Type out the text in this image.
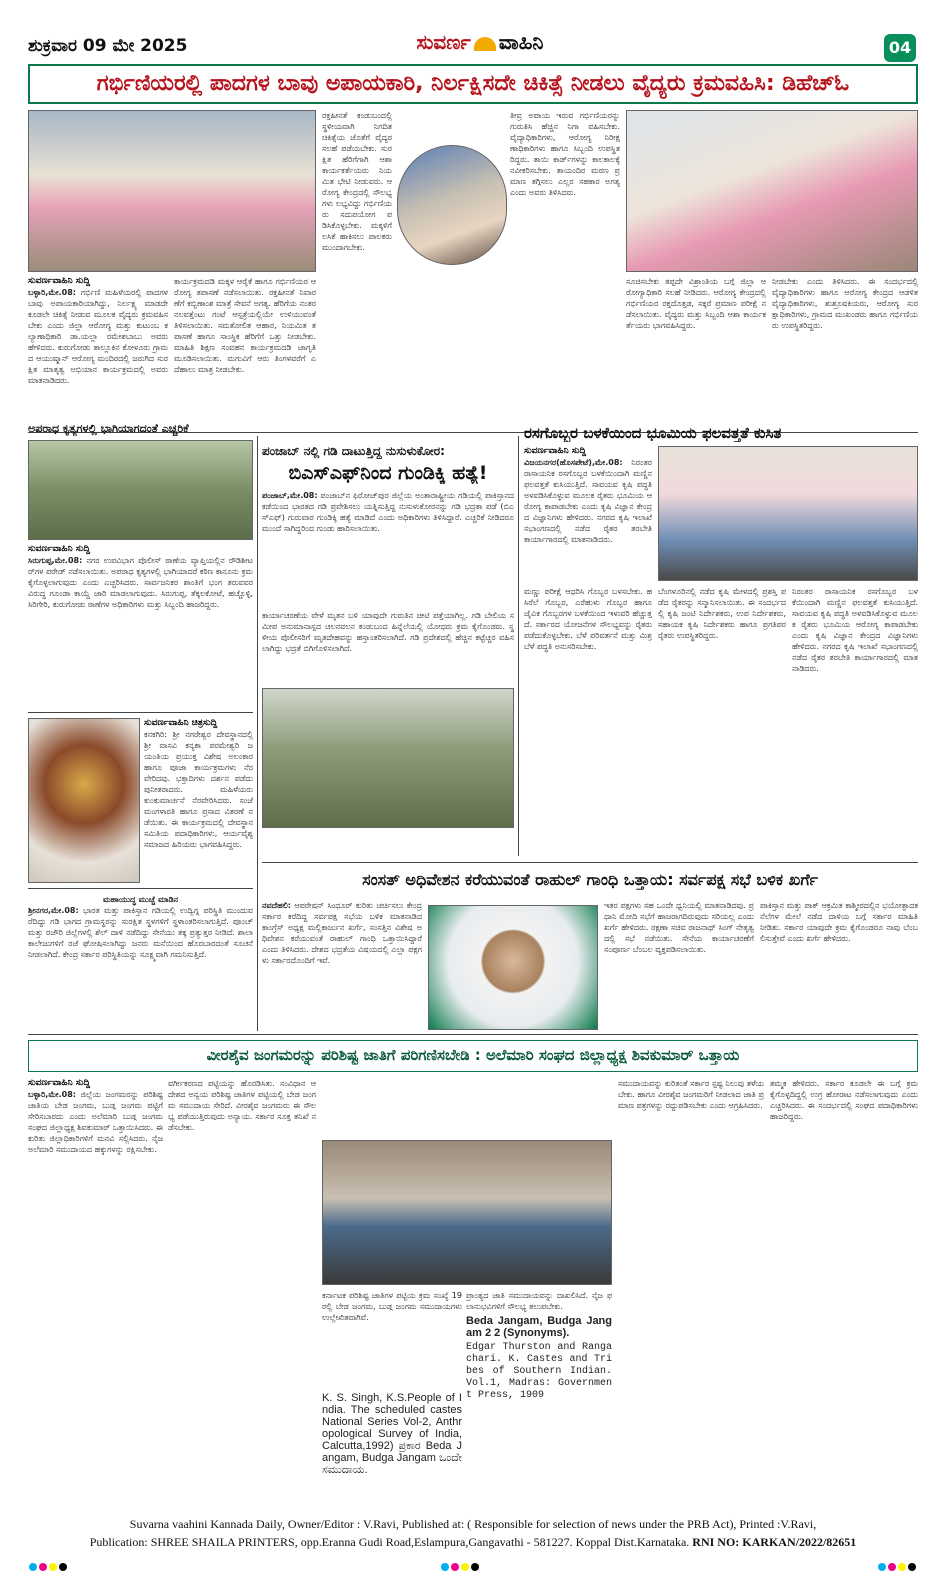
ಶುಕ್ರವಾರ 09 ಮೇ 2025	ಸುವರ್ಣ ವಾಹಿನಿ	04
ಗರ್ಭಿಣಿಯರಲ್ಲಿ ಪಾದಗಳ ಬಾವು ಅಪಾಯಕಾರಿ, ನಿರ್ಲಕ್ಷಿಸದೇ ಚಿಕಿತ್ಸೆ ನೀಡಲು ವೈದ್ಯರು ಕ್ರಮವಹಿಸಿ: ಡಿಹೆಚ್‌ಓ
ಸುವರ್ಣವಾಹಿನಿ ಸುದ್ದಿ
ಬಳ್ಳಾರಿ,ಮೇ.08: ಗರ್ಭಿಣಿ ಮಹಿಳೆಯರಲ್ಲಿ ಪಾದಗಳ ಬಾವು ಅಪಾಯಕಾರಿಯಾಗಿದ್ದು, ನಿರ್ಲಕ್ಷ್ಯ ಮಾಡದೇ ಕೂಡಲೇ ಚಿಕಿತ್ಸೆ ನೀಡುವ ಮೂಲಕ ವೈದ್ಯರು ಕ್ರಮವಹಿಸಬೇಕು ಎಂದು ಜಿಲ್ಲಾ ಆರೋಗ್ಯ ಮತ್ತು ಕುಟುಂಬ ಕಲ್ಯಾಣಾಧಿಕಾರಿ ಡಾ.ಯಲ್ಲಾ ರಮೇಶಬಾಬು ಅವರು ಹೇಳಿದರು. ಕುರುಗೋಡು ತಾಲ್ಲೂಕಿನ ಕೋಳೂರು ಗ್ರಾಮದ ಆಯುಷ್ಮಾನ್ ಆರೋಗ್ಯ ಮಂದಿರದಲ್ಲಿ ಜರುಗಿದ ಸುರಕ್ಷಿತ ಮಾತೃತ್ವ ಅಭಿಯಾನ ಕಾರ್ಯಕ್ರಮದಲ್ಲಿ ಅವರು ಮಾತನಾಡಿದರು.
ಕಾರ್ಯಕ್ರಮದಡಿ ಮಕ್ಕಳ ಆರೈಕೆ ಹಾಗೂ ಗರ್ಭಿಣಿಯರ ಆರೋಗ್ಯ ತಪಾಸಣೆ ನಡೆಸಲಾಯಿತು. ರಕ್ತಹೀನತೆ ನಿವಾರಣೆಗೆ ಕಬ್ಬಿಣಾಂಶ ಮಾತ್ರೆ ಸೇವನೆ ಅಗತ್ಯ. ಹೆರಿಗೆಯ ನಂತರ ನಲವತ್ತೆಂಟು ಗಂಟೆ ಆಸ್ಪತ್ರೆಯಲ್ಲಿಯೇ ಉಳಿಯುವಂತೆ ತಿಳಿಸಲಾಯಿತು. ಸಮತೋಲಿತ ಆಹಾರ, ನಿಯಮಿತ ತಪಾಸಣೆ ಹಾಗೂ ಸಾಂಸ್ಥಿಕ ಹೆರಿಗೆಗೆ ಒತ್ತು ನೀಡಬೇಕು. ಮಾಹಿತಿ ಶಿಕ್ಷಣ ಸಂವಹನ ಕಾರ್ಯಕ್ರಮದಡಿ ಜಾಗೃತಿ ಮೂಡಿಸಲಾಯಿತು. ಮಗುವಿಗೆ ಆರು ತಿಂಗಳವರೆಗೆ ಎದೆಹಾಲು ಮಾತ್ರ ನೀಡಬೇಕು.
ರಕ್ತಹೀನತೆ ಕಂಡುಬಂದಲ್ಲಿ ಸ್ಥಳೀಯವಾಗಿ ನಿಗದಿತ ಚಿಕಿತ್ಸೆಯ ಜೊತೆಗೆ ವೈದ್ಯರ ಸಲಹೆ ಪಡೆಯಬೇಕು. ಸುರಕ್ಷಿತ ಹೆರಿಗೆಗಾಗಿ ಆಶಾ ಕಾರ್ಯಕರ್ತೆಯರು ನಿಯಮಿತ ಭೇಟಿ ನೀಡುವರು. ಆರೋಗ್ಯ ಕೇಂದ್ರದಲ್ಲಿ ಸೌಲಭ್ಯಗಳು ಲಭ್ಯವಿದ್ದು ಗರ್ಭಿಣಿಯರು ಸದುಪಯೋಗ ಪಡಿಸಿಕೊಳ್ಳಬೇಕು. ಮಕ್ಕಳಿಗೆ ಲಸಿಕೆ ಹಾಕಿಸಲು ಪಾಲಕರು ಮುಂದಾಗಬೇಕು.
ತೀವ್ರ ಅಪಾಯ ಇರುವ ಗರ್ಭಿಣಿಯರನ್ನು ಗುರುತಿಸಿ ಹೆಚ್ಚಿನ ನಿಗಾ ವಹಿಸಬೇಕು. ವೈದ್ಯಾಧಿಕಾರಿಗಳು, ಆರೋಗ್ಯ ನಿರೀಕ್ಷಣಾಧಿಕಾರಿಗಳು ಹಾಗೂ ಸಿಬ್ಬಂದಿ ಉಪಸ್ಥಿತರಿದ್ದರು. ತಾಯಿ ಕಾರ್ಡ್‌ಗಳನ್ನು ಕಾಲಕಾಲಕ್ಕೆ ನವೀಕರಿಸಬೇಕು. ತಾಯಂದಿರ ಮರಣ ಪ್ರಮಾಣ ತಗ್ಗಿಸಲು ಎಲ್ಲರ ಸಹಕಾರ ಅಗತ್ಯ ಎಂದು ಅವರು ತಿಳಿಸಿದರು.
ಸೂಚಿಸಬೇಕು ತಪ್ಪದೇ ವಿಶ್ರಾಂತಿಯ ಬಗ್ಗೆ ಜಿಲ್ಲಾ ಆರೋಗ್ಯಾಧಿಕಾರಿ ಸಲಹೆ ನೀಡಿದರು. ಆರೋಗ್ಯ ಕೇಂದ್ರದಲ್ಲಿ ಗರ್ಭಿಣಿಯರ ರಕ್ತದೊತ್ತಡ, ಸಕ್ಕರೆ ಪ್ರಮಾಣ ಪರೀಕ್ಷೆ ನಡೆಸಲಾಯಿತು. ವೈದ್ಯರು ಮತ್ತು ಸಿಬ್ಬಂದಿ ಆಶಾ ಕಾರ್ಯಕರ್ತೆಯರು ಭಾಗವಹಿಸಿದ್ದರು.
ನೀಡಬೇಕು ಎಂದು ತಿಳಿಸಿದರು. ಈ ಸಂದರ್ಭದಲ್ಲಿ ವೈದ್ಯಾಧಿಕಾರಿಗಳು ಹಾಗೂ ಆರೋಗ್ಯ ಕೇಂದ್ರದ ಆಡಳಿತ ವೈದ್ಯಾಧಿಕಾರಿಗಳು, ಶುಶ್ರೂಷಕಿಯರು, ಆರೋಗ್ಯ ಸುರಕ್ಷಾಧಿಕಾರಿಗಳು, ಗ್ರಾಮದ ಮುಖಂಡರು ಹಾಗೂ ಗರ್ಭಿಣಿಯರು ಉಪಸ್ಥಿತರಿದ್ದರು.
ಅಪರಾಧ ಕೃತ್ಯಗಳಲ್ಲಿ ಭಾಗಿಯಾಗದಂತೆ ಎಚ್ಚರಿಕೆ
ಸುವರ್ಣವಾಹಿನಿ ಸುದ್ದಿ
ಸಿರುಗುಪ್ಪ,ಮೇ.08: ನಗರ ಉಪವಿಭಾಗ ಪೊಲೀಸ್ ಠಾಣೆಯ ವ್ಯಾಪ್ತಿಯಲ್ಲಿನ ರೌಡಿಶೀಟರ್‌ಗಳ ಪರೇಡ್ ನಡೆಸಲಾಯಿತು. ಅಪರಾಧ ಕೃತ್ಯಗಳಲ್ಲಿ ಭಾಗಿಯಾದರೆ ಕಠಿಣ ಕಾನೂನು ಕ್ರಮ ಕೈಗೊಳ್ಳಲಾಗುವುದು ಎಂದು ಎಚ್ಚರಿಸಿದರು. ಸಾರ್ವಜನಿಕರ ಶಾಂತಿಗೆ ಭಂಗ ತರುವವರ ವಿರುದ್ಧ ಗೂಂಡಾ ಕಾಯ್ದೆ ಜಾರಿ ಮಾಡಲಾಗುವುದು. ಸಿರುಗುಪ್ಪ, ತೆಕ್ಕಲಕೋಟೆ, ಹಚ್ಚೊಳ್ಳಿ, ಸಿರಿಗೇರಿ, ಕುರುಗೋಡು ಠಾಣೆಗಳ ಅಧಿಕಾರಿಗಳು ಮತ್ತು ಸಿಬ್ಬಂದಿ ಹಾಜರಿದ್ದರು.
ಸುವರ್ಣವಾಹಿನಿ ಚಿತ್ರಸುದ್ದಿ
ಕನಕಗಿರಿ: ಶ್ರೀ ನಗರೇಶ್ವರ ದೇವಸ್ಥಾನದಲ್ಲಿ ಶ್ರೀ ವಾಸವಿ ಕನ್ಯಕಾ ಪರಮೇಶ್ವರಿ ಜಯಂತಿಯ ಪ್ರಯುಕ್ತ ವಿಶೇಷ ಅಲಂಕಾರ ಹಾಗೂ ಪೂಜಾ ಕಾರ್ಯಕ್ರಮಗಳು ನೆರವೇರಿದವು. ಭಕ್ತಾದಿಗಳು ದರ್ಶನ ಪಡೆದು ಪುನೀತರಾದರು. ಮಹಿಳೆಯರು ಕುಂಕುಮಾರ್ಚನೆ ನೆರವೇರಿಸಿದರು. ಸಂಜೆ ಮಂಗಳಾರತಿ ಹಾಗೂ ಪ್ರಸಾದ ವಿತರಣೆ ನಡೆಯಿತು. ಈ ಕಾರ್ಯಕ್ರಮದಲ್ಲಿ ದೇವಸ್ಥಾನ ಸಮಿತಿಯ ಪದಾಧಿಕಾರಿಗಳು, ಆರ್ಯವೈಶ್ಯ ಸಮಾಜದ ಹಿರಿಯರು ಭಾಗವಹಿಸಿದ್ದರು.
ಮಹಾಯುದ್ಧ ಮುಚ್ಚೆ ಮಾಡಿನ
ಶ್ರೀನಗರ,ಮೇ.08: ಭಾರತ ಮತ್ತು ಪಾಕಿಸ್ತಾನ ಗಡಿಯಲ್ಲಿ ಉದ್ವಿಗ್ನ ಪರಿಸ್ಥಿತಿ ಮುಂದುವರೆದಿದ್ದು ಗಡಿ ಭಾಗದ ಗ್ರಾಮಸ್ಥರನ್ನು ಸುರಕ್ಷಿತ ಸ್ಥಳಗಳಿಗೆ ಸ್ಥಳಾಂತರಿಸಲಾಗುತ್ತಿದೆ. ಪೂಂಚ್ ಮತ್ತು ರಜೌರಿ ಜಿಲ್ಲೆಗಳಲ್ಲಿ ಶೆಲ್ ದಾಳಿ ನಡೆದಿದ್ದು ಸೇನೆಯು ತಕ್ಕ ಪ್ರತ್ಯುತ್ತರ ನೀಡಿದೆ. ಶಾಲಾ ಕಾಲೇಜುಗಳಿಗೆ ರಜೆ ಘೋಷಿಸಲಾಗಿದ್ದು ಜನರು ಮನೆಯಿಂದ ಹೊರಬಾರದಂತೆ ಸೂಚನೆ ನೀಡಲಾಗಿದೆ. ಕೇಂದ್ರ ಸರ್ಕಾರ ಪರಿಸ್ಥಿತಿಯನ್ನು ಸೂಕ್ಷ್ಮವಾಗಿ ಗಮನಿಸುತ್ತಿದೆ.
ಪಂಜಾಬ್ ನಲ್ಲಿ ಗಡಿ ದಾಟುತ್ತಿದ್ದ ನುಸುಳುಕೋರ:
ಬಿಎಸ್‌ಎಫ್‌ನಿಂದ ಗುಂಡಿಕ್ಕಿ ಹತ್ಯೆ!
ಪಂಜಾಬ್,ಮೇ.08: ಪಂಜಾಬ್‌ನ ಫಿರೋಜ್‌ಪುರ ಜಿಲ್ಲೆಯ ಅಂತಾರಾಷ್ಟ್ರೀಯ ಗಡಿಯಲ್ಲಿ ಪಾಕಿಸ್ತಾನದ ಕಡೆಯಿಂದ ಭಾರತದ ಗಡಿ ಪ್ರವೇಶಿಸಲು ಯತ್ನಿಸುತ್ತಿದ್ದ ನುಸುಳುಕೋರನನ್ನು ಗಡಿ ಭದ್ರತಾ ಪಡೆ (ಬಿಎಸ್‌ಎಫ್) ಗುರುವಾರ ಗುಂಡಿಕ್ಕಿ ಹತ್ಯೆ ಮಾಡಿದೆ ಎಂದು ಅಧಿಕಾರಿಗಳು ತಿಳಿಸಿದ್ದಾರೆ. ಎಚ್ಚರಿಕೆ ನೀಡಿದರೂ ಮುಂದೆ ಸಾಗಿದ್ದರಿಂದ ಗುಂಡು ಹಾರಿಸಲಾಯಿತು.
ಕಾರ್ಯಾಚರಣೆಯ ವೇಳೆ ಮೃತನ ಬಳಿ ಯಾವುದೇ ಗುರುತಿನ ಚೀಟಿ ಪತ್ತೆಯಾಗಿಲ್ಲ. ಗಡಿ ಬೇಲಿಯ ಸಮೀಪ ಅನುಮಾನಾಸ್ಪದ ಚಲನವಲನ ಕಂಡುಬಂದ ಹಿನ್ನೆಲೆಯಲ್ಲಿ ಯೋಧರು ಕ್ರಮ ಕೈಗೊಂಡರು. ಸ್ಥಳೀಯ ಪೊಲೀಸರಿಗೆ ಮೃತದೇಹವನ್ನು ಹಸ್ತಾಂತರಿಸಲಾಗಿದೆ. ಗಡಿ ಪ್ರದೇಶದಲ್ಲಿ ಹೆಚ್ಚಿನ ಕಟ್ಟೆಚ್ಚರ ವಹಿಸಲಾಗಿದ್ದು ಭದ್ರತೆ ಬಿಗಿಗೊಳಿಸಲಾಗಿದೆ.
ರಸಗೊಬ್ಬರ ಬಳಕೆಯಿಂದ ಭೂಮಿಯ ಫಲವತ್ತತೆ ಕುಸಿತ
ಸುವರ್ಣವಾಹಿನಿ ಸುದ್ದಿ
ವಿಜಯನಗರ(ಹೊಸಪೇಟೆ),ಮೇ.08: ನಿರಂತರ ರಾಸಾಯನಿಕ ರಸಗೊಬ್ಬರ ಬಳಕೆಯಿಂದಾಗಿ ಮಣ್ಣಿನ ಫಲವತ್ತತೆ ಕುಸಿಯುತ್ತಿದೆ. ಸಾವಯವ ಕೃಷಿ ಪದ್ಧತಿ ಅಳವಡಿಸಿಕೊಳ್ಳುವ ಮೂಲಕ ರೈತರು ಭೂಮಿಯ ಆರೋಗ್ಯ ಕಾಪಾಡಬೇಕು ಎಂದು ಕೃಷಿ ವಿಜ್ಞಾನ ಕೇಂದ್ರದ ವಿಜ್ಞಾನಿಗಳು ಹೇಳಿದರು. ನಗರದ ಕೃಷಿ ಇಲಾಖೆ ಸಭಾಂಗಣದಲ್ಲಿ ನಡೆದ ರೈತರ ತರಬೇತಿ ಕಾರ್ಯಾಗಾರದಲ್ಲಿ ಮಾತನಾಡಿದರು.
ಮಣ್ಣು ಪರೀಕ್ಷೆ ಆಧರಿಸಿ ಗೊಬ್ಬರ ಬಳಸಬೇಕು. ಹಸಿರೆಲೆ ಗೊಬ್ಬರ, ಎರೆಹುಳು ಗೊಬ್ಬರ ಹಾಗೂ ಜೈವಿಕ ಗೊಬ್ಬರಗಳ ಬಳಕೆಯಿಂದ ಇಳುವರಿ ಹೆಚ್ಚುತ್ತದೆ. ಸರ್ಕಾರದ ಯೋಜನೆಗಳ ಸೌಲಭ್ಯವನ್ನು ರೈತರು ಪಡೆದುಕೊಳ್ಳಬೇಕು. ಬೆಳೆ ಪರಿವರ್ತನೆ ಮತ್ತು ಮಿಶ್ರ ಬೆಳೆ ಪದ್ಧತಿ ಅನುಸರಿಸಬೇಕು.
ಬೆಂಗಳೂರಿನಲ್ಲಿ ನಡೆದ ಕೃಷಿ ಮೇಳದಲ್ಲಿ ಪ್ರಶಸ್ತಿ ಪಡೆದ ರೈತರನ್ನು ಸನ್ಮಾನಿಸಲಾಯಿತು. ಈ ಸಂದರ್ಭದಲ್ಲಿ ಕೃಷಿ ಜಂಟಿ ನಿರ್ದೇಶಕರು, ಉಪ ನಿರ್ದೇಶಕರು, ಸಹಾಯಕ ಕೃಷಿ ನಿರ್ದೇಶಕರು ಹಾಗೂ ಪ್ರಗತಿಪರ ರೈತರು ಉಪಸ್ಥಿತರಿದ್ದರು.
ನಿರಂತರ ರಾಸಾಯನಿಕ ರಸಗೊಬ್ಬರ ಬಳಕೆಯಿಂದಾಗಿ ಮಣ್ಣಿನ ಫಲವತ್ತತೆ ಕುಸಿಯುತ್ತಿದೆ. ಸಾವಯವ ಕೃಷಿ ಪದ್ಧತಿ ಅಳವಡಿಸಿಕೊಳ್ಳುವ ಮೂಲಕ ರೈತರು ಭೂಮಿಯ ಆರೋಗ್ಯ ಕಾಪಾಡಬೇಕು ಎಂದು ಕೃಷಿ ವಿಜ್ಞಾನ ಕೇಂದ್ರದ ವಿಜ್ಞಾನಿಗಳು ಹೇಳಿದರು. ನಗರದ ಕೃಷಿ ಇಲಾಖೆ ಸಭಾಂಗಣದಲ್ಲಿ ನಡೆದ ರೈತರ ತರಬೇತಿ ಕಾರ್ಯಾಗಾರದಲ್ಲಿ ಮಾತನಾಡಿದರು.
ಸಂಸತ್ ಅಧಿವೇಶನ ಕರೆಯುವಂತೆ ರಾಹುಲ್ ಗಾಂಧಿ ಒತ್ತಾಯ: ಸರ್ವಪಕ್ಷ ಸಭೆ ಬಳಿಕ ಖರ್ಗೆ
ನವದೆಹಲಿ: ಆಪರೇಷನ್ ಸಿಂಧೂರ್ ಕುರಿತು ಚರ್ಚಿಸಲು ಕೇಂದ್ರ ಸರ್ಕಾರ ಕರೆದಿದ್ದ ಸರ್ವಪಕ್ಷ ಸಭೆಯ ಬಳಿಕ ಮಾತನಾಡಿದ ಕಾಂಗ್ರೆಸ್ ಅಧ್ಯಕ್ಷ ಮಲ್ಲಿಕಾರ್ಜುನ ಖರ್ಗೆ, ಸಂಸತ್ತಿನ ವಿಶೇಷ ಅಧಿವೇಶನ ಕರೆಯುವಂತೆ ರಾಹುಲ್ ಗಾಂಧಿ ಒತ್ತಾಯಿಸಿದ್ದಾರೆ ಎಂದು ತಿಳಿಸಿದರು. ದೇಶದ ಭದ್ರತೆಯ ವಿಷಯದಲ್ಲಿ ಎಲ್ಲಾ ಪಕ್ಷಗಳು ಸರ್ಕಾರದೊಂದಿಗೆ ಇವೆ.
ಇತರ ಪಕ್ಷಗಳು ಸಹ ಒಂದೇ ಧ್ವನಿಯಲ್ಲಿ ಮಾತನಾಡಿದವು. ಪ್ರಧಾನಿ ಮೋದಿ ಸಭೆಗೆ ಹಾಜರಾಗದಿರುವುದು ಸರಿಯಲ್ಲ ಎಂದು ಖರ್ಗೆ ಹೇಳಿದರು. ರಕ್ಷಣಾ ಸಚಿವ ರಾಜನಾಥ್ ಸಿಂಗ್ ನೇತೃತ್ವದಲ್ಲಿ ಸಭೆ ನಡೆಯಿತು. ಸೇನೆಯ ಕಾರ್ಯಾಚರಣೆಗೆ ಸಂಪೂರ್ಣ ಬೆಂಬಲ ವ್ಯಕ್ತಪಡಿಸಲಾಯಿತು.
ಪಾಕಿಸ್ತಾನ ಮತ್ತು ಪಾಕ್ ಆಕ್ರಮಿತ ಕಾಶ್ಮೀರದಲ್ಲಿನ ಭಯೋತ್ಪಾದಕ ನೆಲೆಗಳ ಮೇಲೆ ನಡೆದ ದಾಳಿಯ ಬಗ್ಗೆ ಸರ್ಕಾರ ಮಾಹಿತಿ ನೀಡಿತು. ಸರ್ಕಾರ ಯಾವುದೇ ಕ್ರಮ ಕೈಗೊಂಡರೂ ನಾವು ಬೆಂಬಲಿಸುತ್ತೇವೆ ಎಂದು ಖರ್ಗೆ ಹೇಳಿದರು.
ವೀರಶೈವ ಜಂಗಮರನ್ನು ಪರಿಶಿಷ್ಟ ಜಾತಿಗೆ ಪರಿಗಣಿಸಬೇಡಿ : ಅಲೆಮಾರಿ ಸಂಘದ ಜಿಲ್ಲಾಧ್ಯಕ್ಷ ಶಿವಕುಮಾರ್ ಒತ್ತಾಯ
ಸುವರ್ಣವಾಹಿನಿ ಸುದ್ದಿ
ಬಳ್ಳಾರಿ,ಮೇ.08: ಜಿಲ್ಲೆಯ ಜಂಗಮರನ್ನು ಪರಿಶಿಷ್ಟ ಜಾತಿಯ ಬೇಡ ಜಂಗಮ, ಬುಡ್ಗ ಜಂಗಮ ಪಟ್ಟಿಗೆ ಸೇರಿಸಬಾರದು ಎಂದು ಅಲೆಮಾರಿ ಬುಡ್ಗ ಜಂಗಮ ಸಂಘದ ಜಿಲ್ಲಾಧ್ಯಕ್ಷ ಶಿವಕುಮಾರ್ ಒತ್ತಾಯಿಸಿದರು. ಈ ಕುರಿತು ಜಿಲ್ಲಾಧಿಕಾರಿಗಳಿಗೆ ಮನವಿ ಸಲ್ಲಿಸಿದರು. ನೈಜ ಅಲೆಮಾರಿ ಸಮುದಾಯದ ಹಕ್ಕುಗಳನ್ನು ರಕ್ಷಿಸಬೇಕು.
ವರ್ಗೀಕರಣದ ಪಟ್ಟಿಯನ್ನು ಹೊರಡಿಸಿತು. ಸಂವಿಧಾನ ಆದೇಶದ ಅನ್ವಯ ಪರಿಶಿಷ್ಟ ಜಾತಿಗಳ ಪಟ್ಟಿಯಲ್ಲಿ ಬೇಡ ಜಂಗಮ ಸಮುದಾಯ ಸೇರಿದೆ. ವೀರಶೈವ ಜಂಗಮರು ಈ ಸೌಲಭ್ಯ ಪಡೆಯುತ್ತಿರುವುದು ಅನ್ಯಾಯ. ಸರ್ಕಾರ ಸೂಕ್ತ ತನಿಖೆ ನಡೆಸಬೇಕು.
ಕರ್ನಾಟಕ ಪರಿಶಿಷ್ಟ ಜಾತಿಗಳ ಪಟ್ಟಿಯ ಕ್ರಮ ಸಂಖ್ಯೆ 19ರಲ್ಲಿ ಬೇಡ ಜಂಗಮ, ಬುಡ್ಗ ಜಂಗಮ ಸಮುದಾಯಗಳು ಉಲ್ಲೇಖಿತವಾಗಿವೆ.
K. S. Singh, K.S.People of India. The scheduled castes National Series Vol-2, Anthropological Survey of India, Calcutta,1992) ಪ್ರಕಾರ Beda Jangam, Budga Jangam ಒಂದೇ ಸಮುದಾಯ.
ಪ್ರಾಂತ್ಯದ ಜಾತಿ ಸಮುದಾಯವನ್ನು ದಾಖಲಿಸಿದೆ. ನೈಜ ಫಲಾನುಭವಿಗಳಿಗೆ ಸೌಲಭ್ಯ ತಲುಪಬೇಕು.
Beda Jangam, Budga Jangam 2 2 (Synonyms).
Edgar Thurston and Rangachari. K. Castes and Tribes of Southern Indian. Vol.1, Madras: Government Press, 1909
ಸಮುದಾಯವನ್ನು ಕುರಿತಂತೆ ಸರ್ಕಾರ ಸ್ಪಷ್ಟ ನಿಲುವು ತಳೆಯಬೇಕು. ಹಾಗೂ ವೀರಶೈವ ಜಂಗಮರಿಗೆ ನೀಡಲಾದ ಜಾತಿ ಪ್ರಮಾಣ ಪತ್ರಗಳನ್ನು ರದ್ದುಪಡಿಸಬೇಕು ಎಂದು ಆಗ್ರಹಿಸಿದರು.
ತಮ್ಮಕ ಹೇಳಿದರು. ಸರ್ಕಾರ ಕೂಡಲೇ ಈ ಬಗ್ಗೆ ಕ್ರಮ ಕೈಗೊಳ್ಳದಿದ್ದಲ್ಲಿ ಉಗ್ರ ಹೋರಾಟ ನಡೆಸಲಾಗುವುದು ಎಂದು ಎಚ್ಚರಿಸಿದರು. ಈ ಸಂದರ್ಭದಲ್ಲಿ ಸಂಘದ ಪದಾಧಿಕಾರಿಗಳು ಹಾಜರಿದ್ದರು.
Suvarna vaahini Kannada Daily, Owner/Editor : V.Ravi, Published at: ( Responsible for selection of news under the PRB Act), Printed :V.Ravi,
Publication: SHREE SHAILA PRINTERS, opp.Eranna Gudi Road,Eslampura,Gangavathi - 581227. Koppal Dist.Karnataka. RNI NO: KARKAN/2022/82651
